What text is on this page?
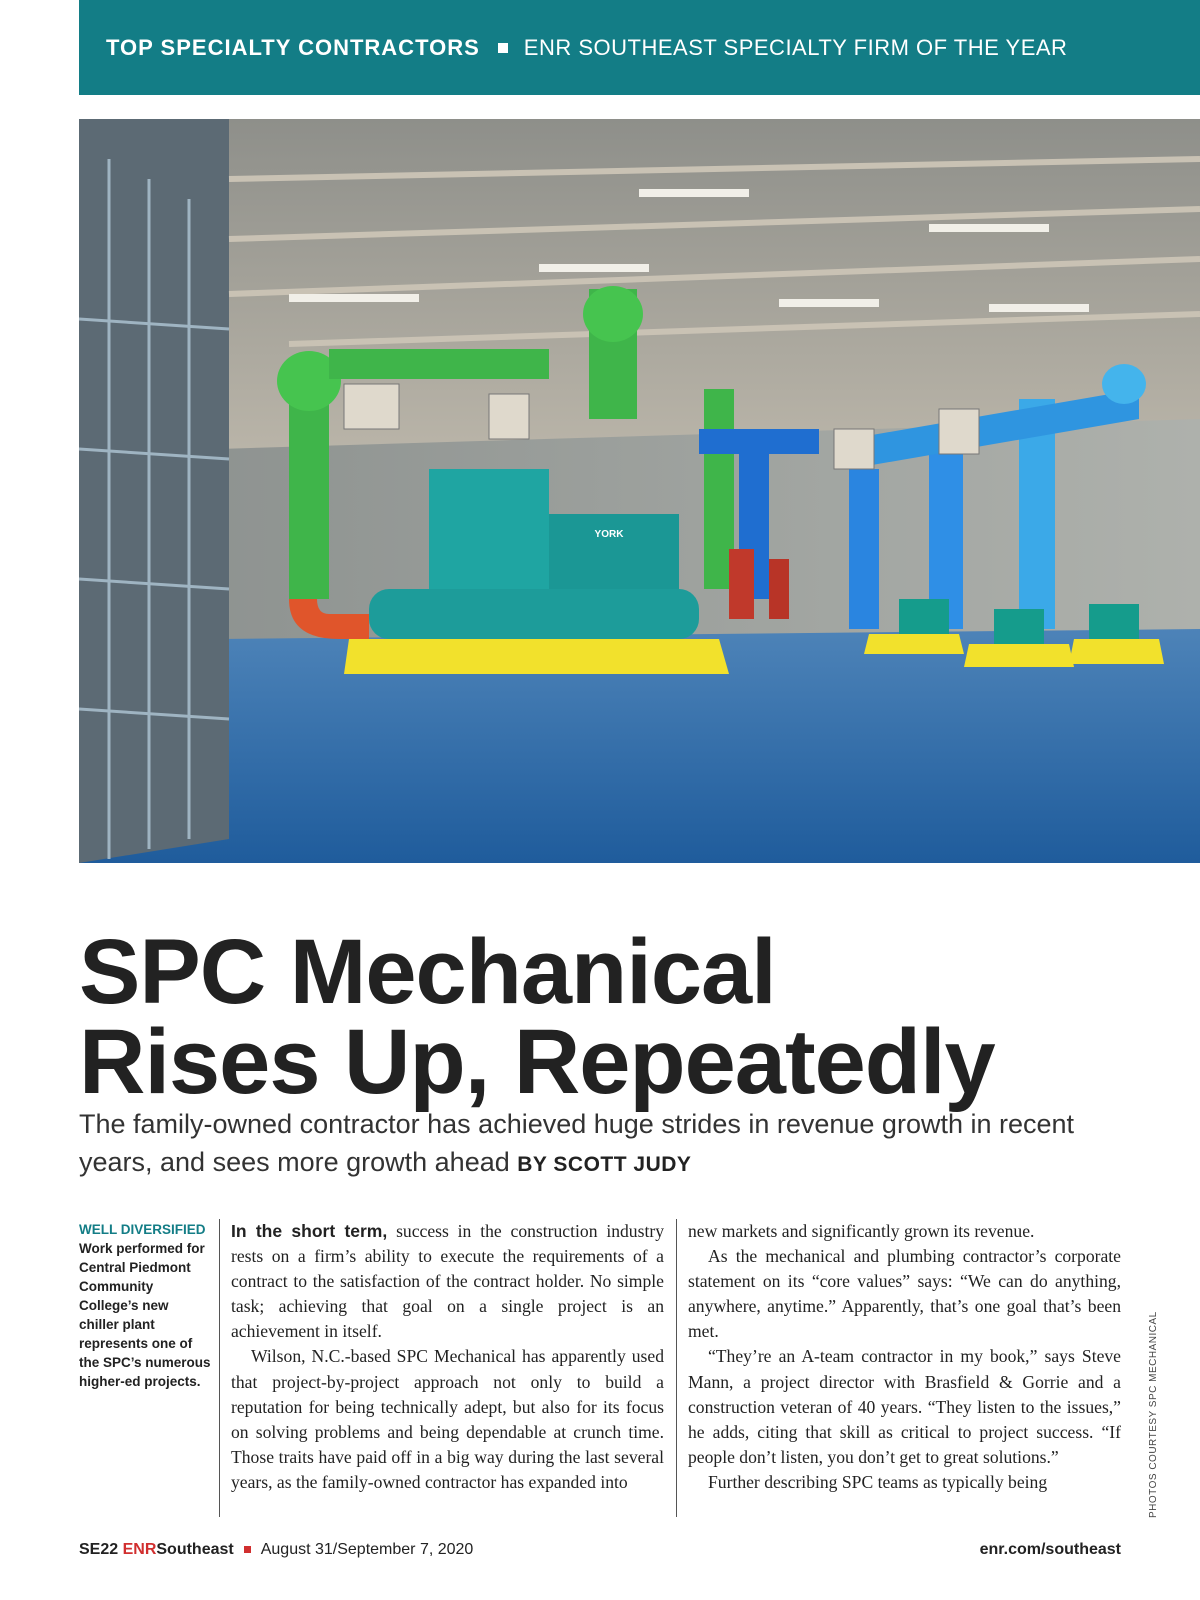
TOP SPECIALTY CONTRACTORS ENR SOUTHEAST SPECIALTY FIRM OF THE YEAR
YORK
SPC Mechanical
Rises Up, Repeatedly
The family-owned contractor has achieved huge strides in revenue growth in recent years, and sees more growth ahead BY SCOTT JUDY
WELL DIVERSIFIED Work performed for Central Piedmont Community College’s new chiller plant represents one of the SPC’s numerous higher-ed projects.

In the short term, success in the construction industry rests on a firm’s ability to execute the requirements of a contract to the satisfaction of the contract holder. No simple task; achieving that goal on a single project is an achievement in itself.

Wilson, N.C.-based SPC Mechanical has apparently used that project-by-project approach not only to build a reputation for being technically adept, but also for its focus on solving problems and being dependable at crunch time. Those traits have paid off in a big way during the last several years, as the family-owned contractor has expanded into

new markets and significantly grown its revenue.

As the mechanical and plumbing contractor’s corporate statement on its “core values” says: “We can do anything, anywhere, anytime.” Apparently, that’s one goal that’s been met.

“They’re an A-team contractor in my book,” says Steve Mann, a project director with Brasfield & Gorrie and a construction veteran of 40 years. “They listen to the issues,” he adds, citing that skill as critical to project success. “If people don’t listen, you don’t get to great solutions.”

Further describing SPC teams as typically being	PHOTOS COURTESY SPC MECHANICAL
SE22 ENRSoutheast August 31/September 7, 2020	enr.com/southeast
